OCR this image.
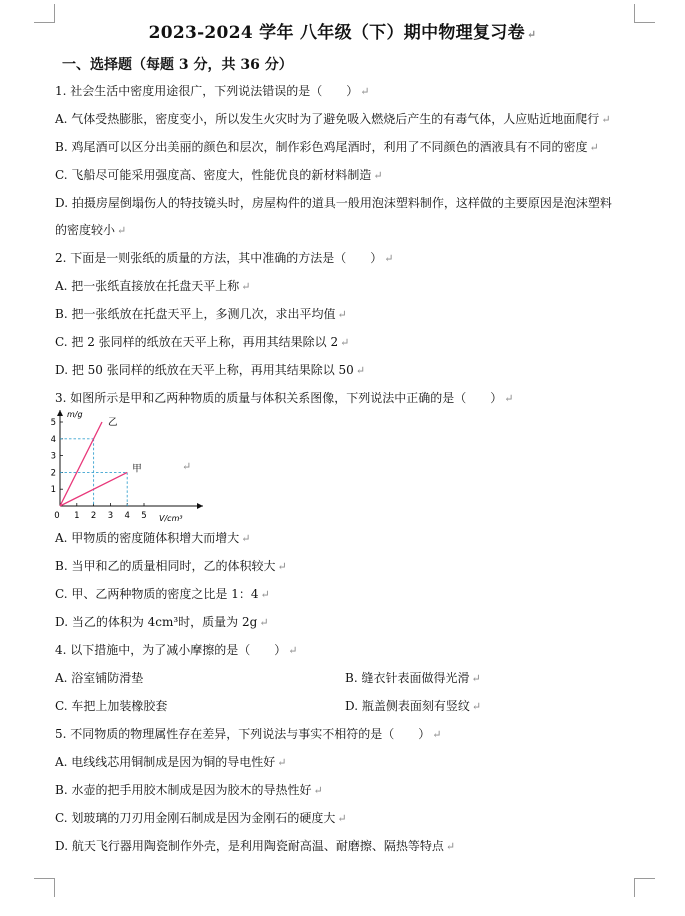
2023-2024 学年 八年级（下）期中物理复习卷 ↵
一、选择题（每题 3 分，共 36 分）
1. 社会生活中密度用途很广，下列说法错误的是（　　） ↵
A. 气体受热膨胀，密度变小，所以发生火灾时为了避免吸入燃烧后产生的有毒气体，人应贴近地面爬行 ↵
B. 鸡尾酒可以区分出美丽的颜色和层次，制作彩色鸡尾酒时，利用了不同颜色的酒液具有不同的密度 ↵
C. 飞船尽可能采用强度高、密度大，性能优良的新材料制造 ↵
D. 拍摄房屋倒塌伤人的特技镜头时，房屋构件的道具一般用泡沫塑料制作，这样做的主要原因是泡沫塑料
的密度较小 ↵
2. 下面是一则张纸的质量的方法，其中准确的方法是（　　） ↵
A. 把一张纸直接放在托盘天平上称 ↵
B. 把一张纸放在托盘天平上，多测几次，求出平均值 ↵
C. 把 2 张同样的纸放在天平上称，再用其结果除以 2 ↵
D. 把 50 张同样的纸放在天平上称，再用其结果除以 50 ↵
3. 如图所示是甲和乙两种物质的质量与体积关系图像，下列说法中正确的是（　　） ↵
m/g
V/cm³
0 1 2 3 4 5
1
2
3
4
5	乙
甲	↵
A. 甲物质的密度随体积增大而增大 ↵
B. 当甲和乙的质量相同时，乙的体积较大 ↵
C. 甲、乙两种物质的密度之比是 1：4 ↵
D. 当乙的体积为 4cm³时，质量为 2g ↵
4. 以下措施中，为了减小摩擦的是（　　） ↵
A. 浴室铺防滑垫	B. 缝衣针表面做得光滑 ↵
C. 车把上加装橡胶套	D. 瓶盖侧表面刻有竖纹 ↵
5. 不同物质的物理属性存在差异，下列说法与事实不相符的是（　　） ↵
A. 电线线芯用铜制成是因为铜的导电性好 ↵
B. 水壶的把手用胶木制成是因为胶木的导热性好 ↵
C. 划玻璃的刀刃用金刚石制成是因为金刚石的硬度大 ↵
D. 航天飞行器用陶瓷制作外壳，是利用陶瓷耐高温、耐磨擦、隔热等特点 ↵
